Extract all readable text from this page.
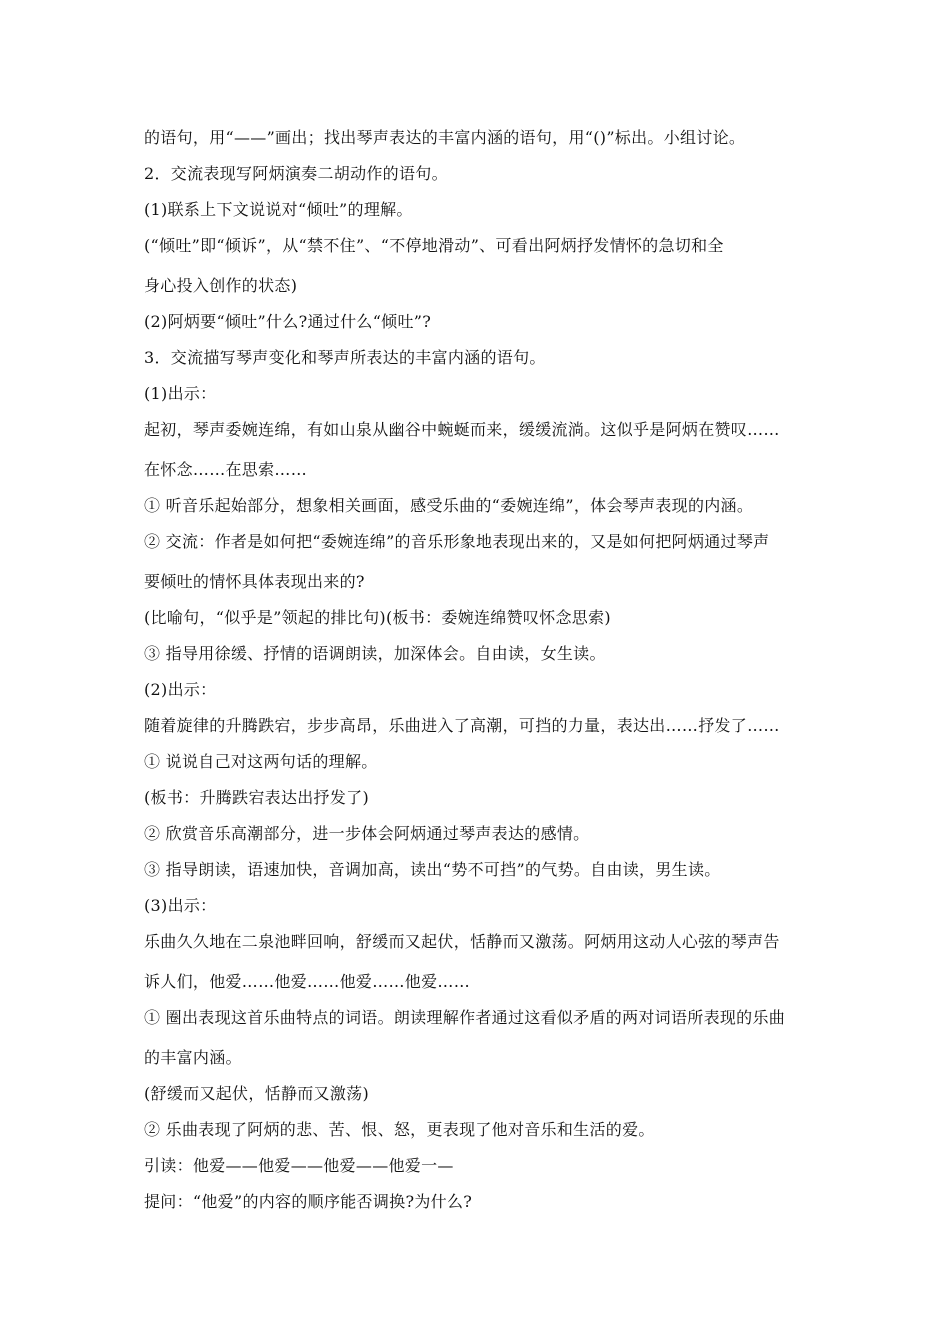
的语句，用“——”画出；找出琴声表达的丰富内涵的语句，用“()”标出。小组讨论。
2．交流表现写阿炳演奏二胡动作的语句。
(1)联系上下文说说对“倾吐”的理解。
(“倾吐”即“倾诉”，从“禁不住”、“不停地滑动”、可看出阿炳抒发情怀的急切和全
身心投入创作的状态)
(2)阿炳要“倾吐”什么?通过什么“倾吐”?
3．交流描写琴声变化和琴声所表达的丰富内涵的语句。
(1)出示：
起初，琴声委婉连绵，有如山泉从幽谷中蜿蜒而来，缓缓流淌。这似乎是阿炳在赞叹……
在怀念……在思索……
① 听音乐起始部分，想象相关画面，感受乐曲的“委婉连绵”，体会琴声表现的内涵。
② 交流：作者是如何把“委婉连绵”的音乐形象地表现出来的，又是如何把阿炳通过琴声
要倾吐的情怀具体表现出来的?
(比喻句，“似乎是”领起的排比句)(板书：委婉连绵赞叹怀念思索)
③ 指导用徐缓、抒情的语调朗读，加深体会。自由读，女生读。
(2)出示：
随着旋律的升腾跌宕，步步高昂，乐曲进入了高潮，可挡的力量，表达出……抒发了……
① 说说自己对这两句话的理解。
(板书：升腾跌宕表达出抒发了)
② 欣赏音乐高潮部分，进一步体会阿炳通过琴声表达的感情。
③ 指导朗读，语速加快，音调加高，读出“势不可挡”的气势。自由读，男生读。
(3)出示：
乐曲久久地在二泉池畔回响，舒缓而又起伏，恬静而又激荡。阿炳用这动人心弦的琴声告
诉人们，他爱……他爱……他爱……他爱……
① 圈出表现这首乐曲特点的词语。朗读理解作者通过这看似矛盾的两对词语所表现的乐曲
的丰富内涵。
(舒缓而又起伏，恬静而又激荡)
② 乐曲表现了阿炳的悲、苦、恨、怒，更表现了他对音乐和生活的爱。
引读：他爱——他爱——他爱——他爱一—
提问：“他爱”的内容的顺序能否调换?为什么?
